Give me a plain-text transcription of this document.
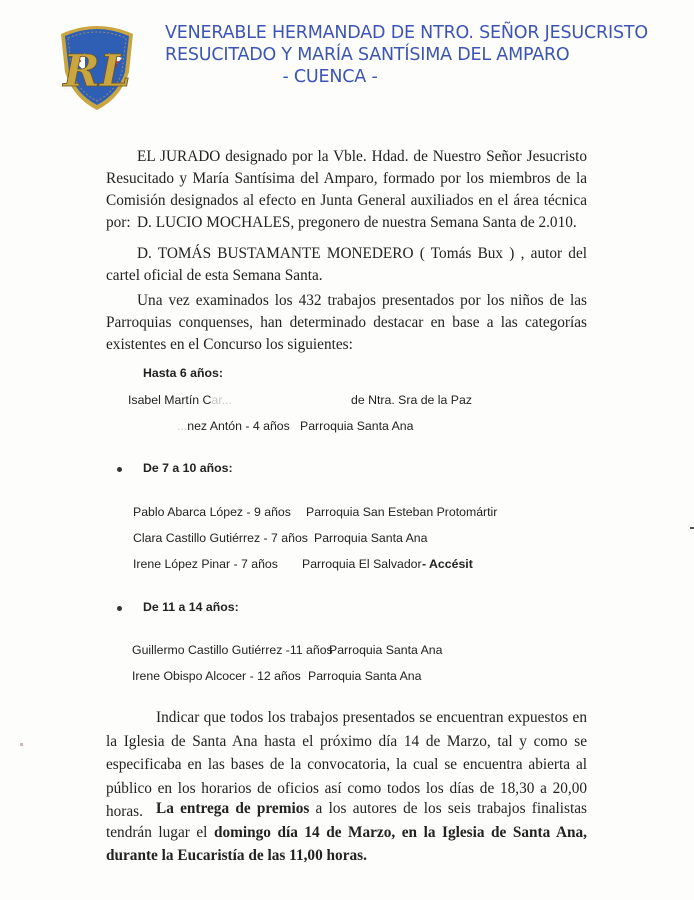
RL
VENERABLE HERMANDAD DE NTRO. SEÑOR JESUCRISTO
RESUCITADO Y MARÍA SANTÍSIMA DEL AMPARO
- CUENCA -
EL JURADO designado por la Vble. Hdad. de Nuestro Señor Jesucristo Resucitado y María Santísima del Amparo, formado por los miembros de la Comisión designados al efecto en Junta General auxiliados en el área técnica por: D. LUCIO MOCHALES, pregonero de nuestra Semana Santa de 2.010.
D. TOMÁS BUSTAMANTE MONEDERO ( Tomás Bux ) , autor del cartel oficial de esta Semana Santa.
Una vez examinados los 432 trabajos presentados por los niños de las Parroquias conquenses, han determinado destacar en base a las categorías existentes en el Concurso los siguientes:
Hasta 6 años:
Isabel Martín Car...	de Ntra. Sra de la Paz
...nez Antón - 4 años Parroquia Santa Ana
De 7 a 10 años:
Pablo Abarca López - 9 años Parroquia San Esteban Protomártir
Clara Castillo Gutiérrez - 7 años Parroquia Santa Ana
Irene López Pinar - 7 años Parroquia El Salvador - Accésit
De 11 a 14 años:
Guillermo Castillo Gutiérrez -11 años
Parroquia Santa Ana
Irene Obispo Alcocer - 12 años Parroquia Santa Ana
Indicar que todos los trabajos presentados se encuentran expuestos en la Iglesia de Santa Ana hasta el próximo día 14 de Marzo, tal y como se especificaba en las bases de la convocatoria, la cual se encuentra abierta al público en los horarios de oficios así como todos los días de 18,30 a 20,00 horas. La entrega de premios a los autores de los seis trabajos finalistas tendrán lugar el domingo día 14 de Marzo, en la Iglesia de Santa Ana, durante la Eucaristía de las 11,00 horas.
